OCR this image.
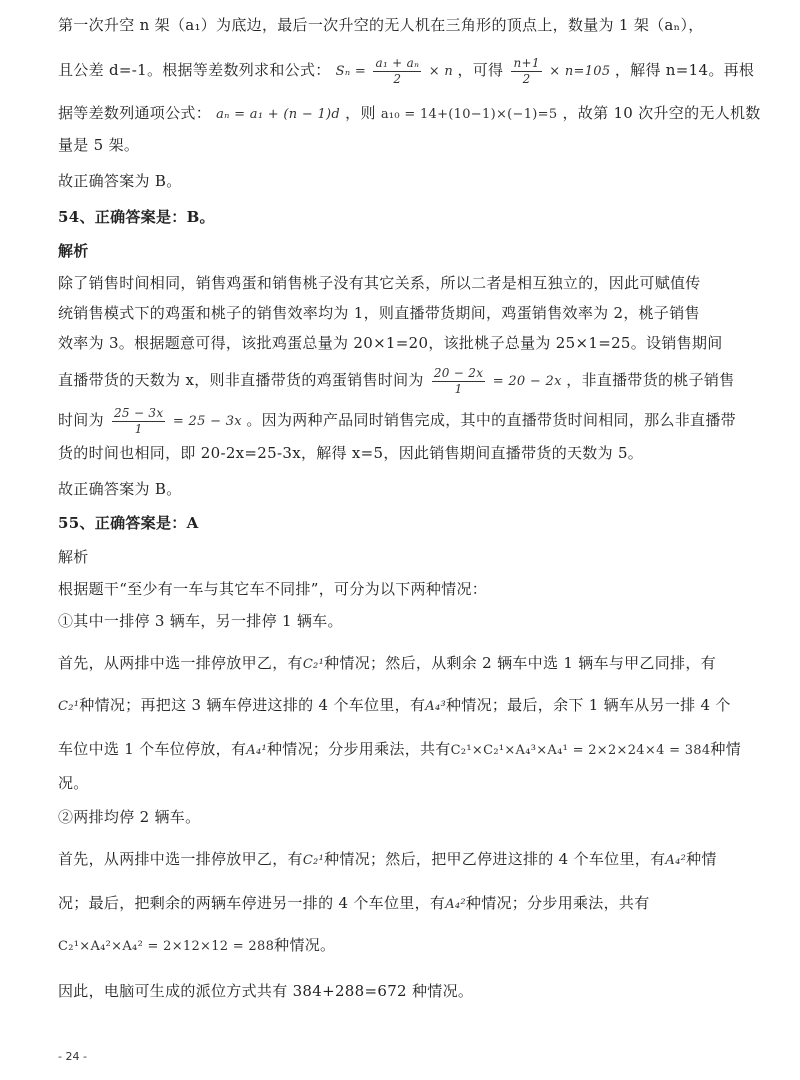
第一次升空 n 架（a₁）为底边，最后一次升空的无人机在三角形的顶点上，数量为 1 架（aₙ），
且公差 d=-1。根据等差数列求和公式： $S_n = \frac{\text{a₁ + aₙ}}{2} \times n$ ，可得 $\frac{n+1}{2} \times n=105$ ，解得 n=14。再根
据等差数列通项公式： aₙ = a₁ + (n − 1)d ，则 a₁₀ = 14+(10−1)×(−1)=5 ，故第 10 次升空的无人机数
量是 5 架。
故正确答案为 B。
54、正确答案是：B。
解析
除了销售时间相同，销售鸡蛋和销售桃子没有其它关系，所以二者是相互独立的，因此可赋值传
统销售模式下的鸡蛋和桃子的销售效率均为 1，则直播带货期间，鸡蛋销售效率为 2，桃子销售
效率为 3。根据题意可得，该批鸡蛋总量为 20×1=20，该批桃子总量为 25×1=25。设销售期间
直播带货的天数为 x，则非直播带货的鸡蛋销售时间为 $\frac{20 - 2x}{1} = 20 - 2x$ ，非直播带货的桃子销售
时间为 $\frac{25 - 3x}{1} = 25 - 3x$ 。因为两种产品同时销售完成，其中的直播带货时间相同，那么非直播带
货的时间也相同，即 20-2x=25-3x，解得 x=5，因此销售期间直播带货的天数为 5。
故正确答案为 B。
55、正确答案是：A
解析
根据题干“至少有一车与其它车不同排”，可分为以下两种情况：
①其中一排停 3 辆车，另一排停 1 辆车。
首先，从两排中选一排停放甲乙，有C₂¹种情况；然后，从剩余 2 辆车中选 1 辆车与甲乙同排，有
C₂¹种情况；再把这 3 辆车停进这排的 4 个车位里，有A₄³种情况；最后，余下 1 辆车从另一排 4 个
车位中选 1 个车位停放，有A₄¹种情况；分步用乘法，共有C₂¹×C₂¹×A₄³×A₄¹ = 2×2×24×4 = 384种情
况。
②两排均停 2 辆车。
首先，从两排中选一排停放甲乙，有C₂¹种情况；然后，把甲乙停进这排的 4 个车位里，有A₄²种情
况；最后，把剩余的两辆车停进另一排的 4 个车位里，有A₄²种情况；分步用乘法，共有
C₂¹×A₄²×A₄² = 2×12×12 = 288种情况。
因此，电脑可生成的派位方式共有 384+288=672 种情况。
- 24 -
